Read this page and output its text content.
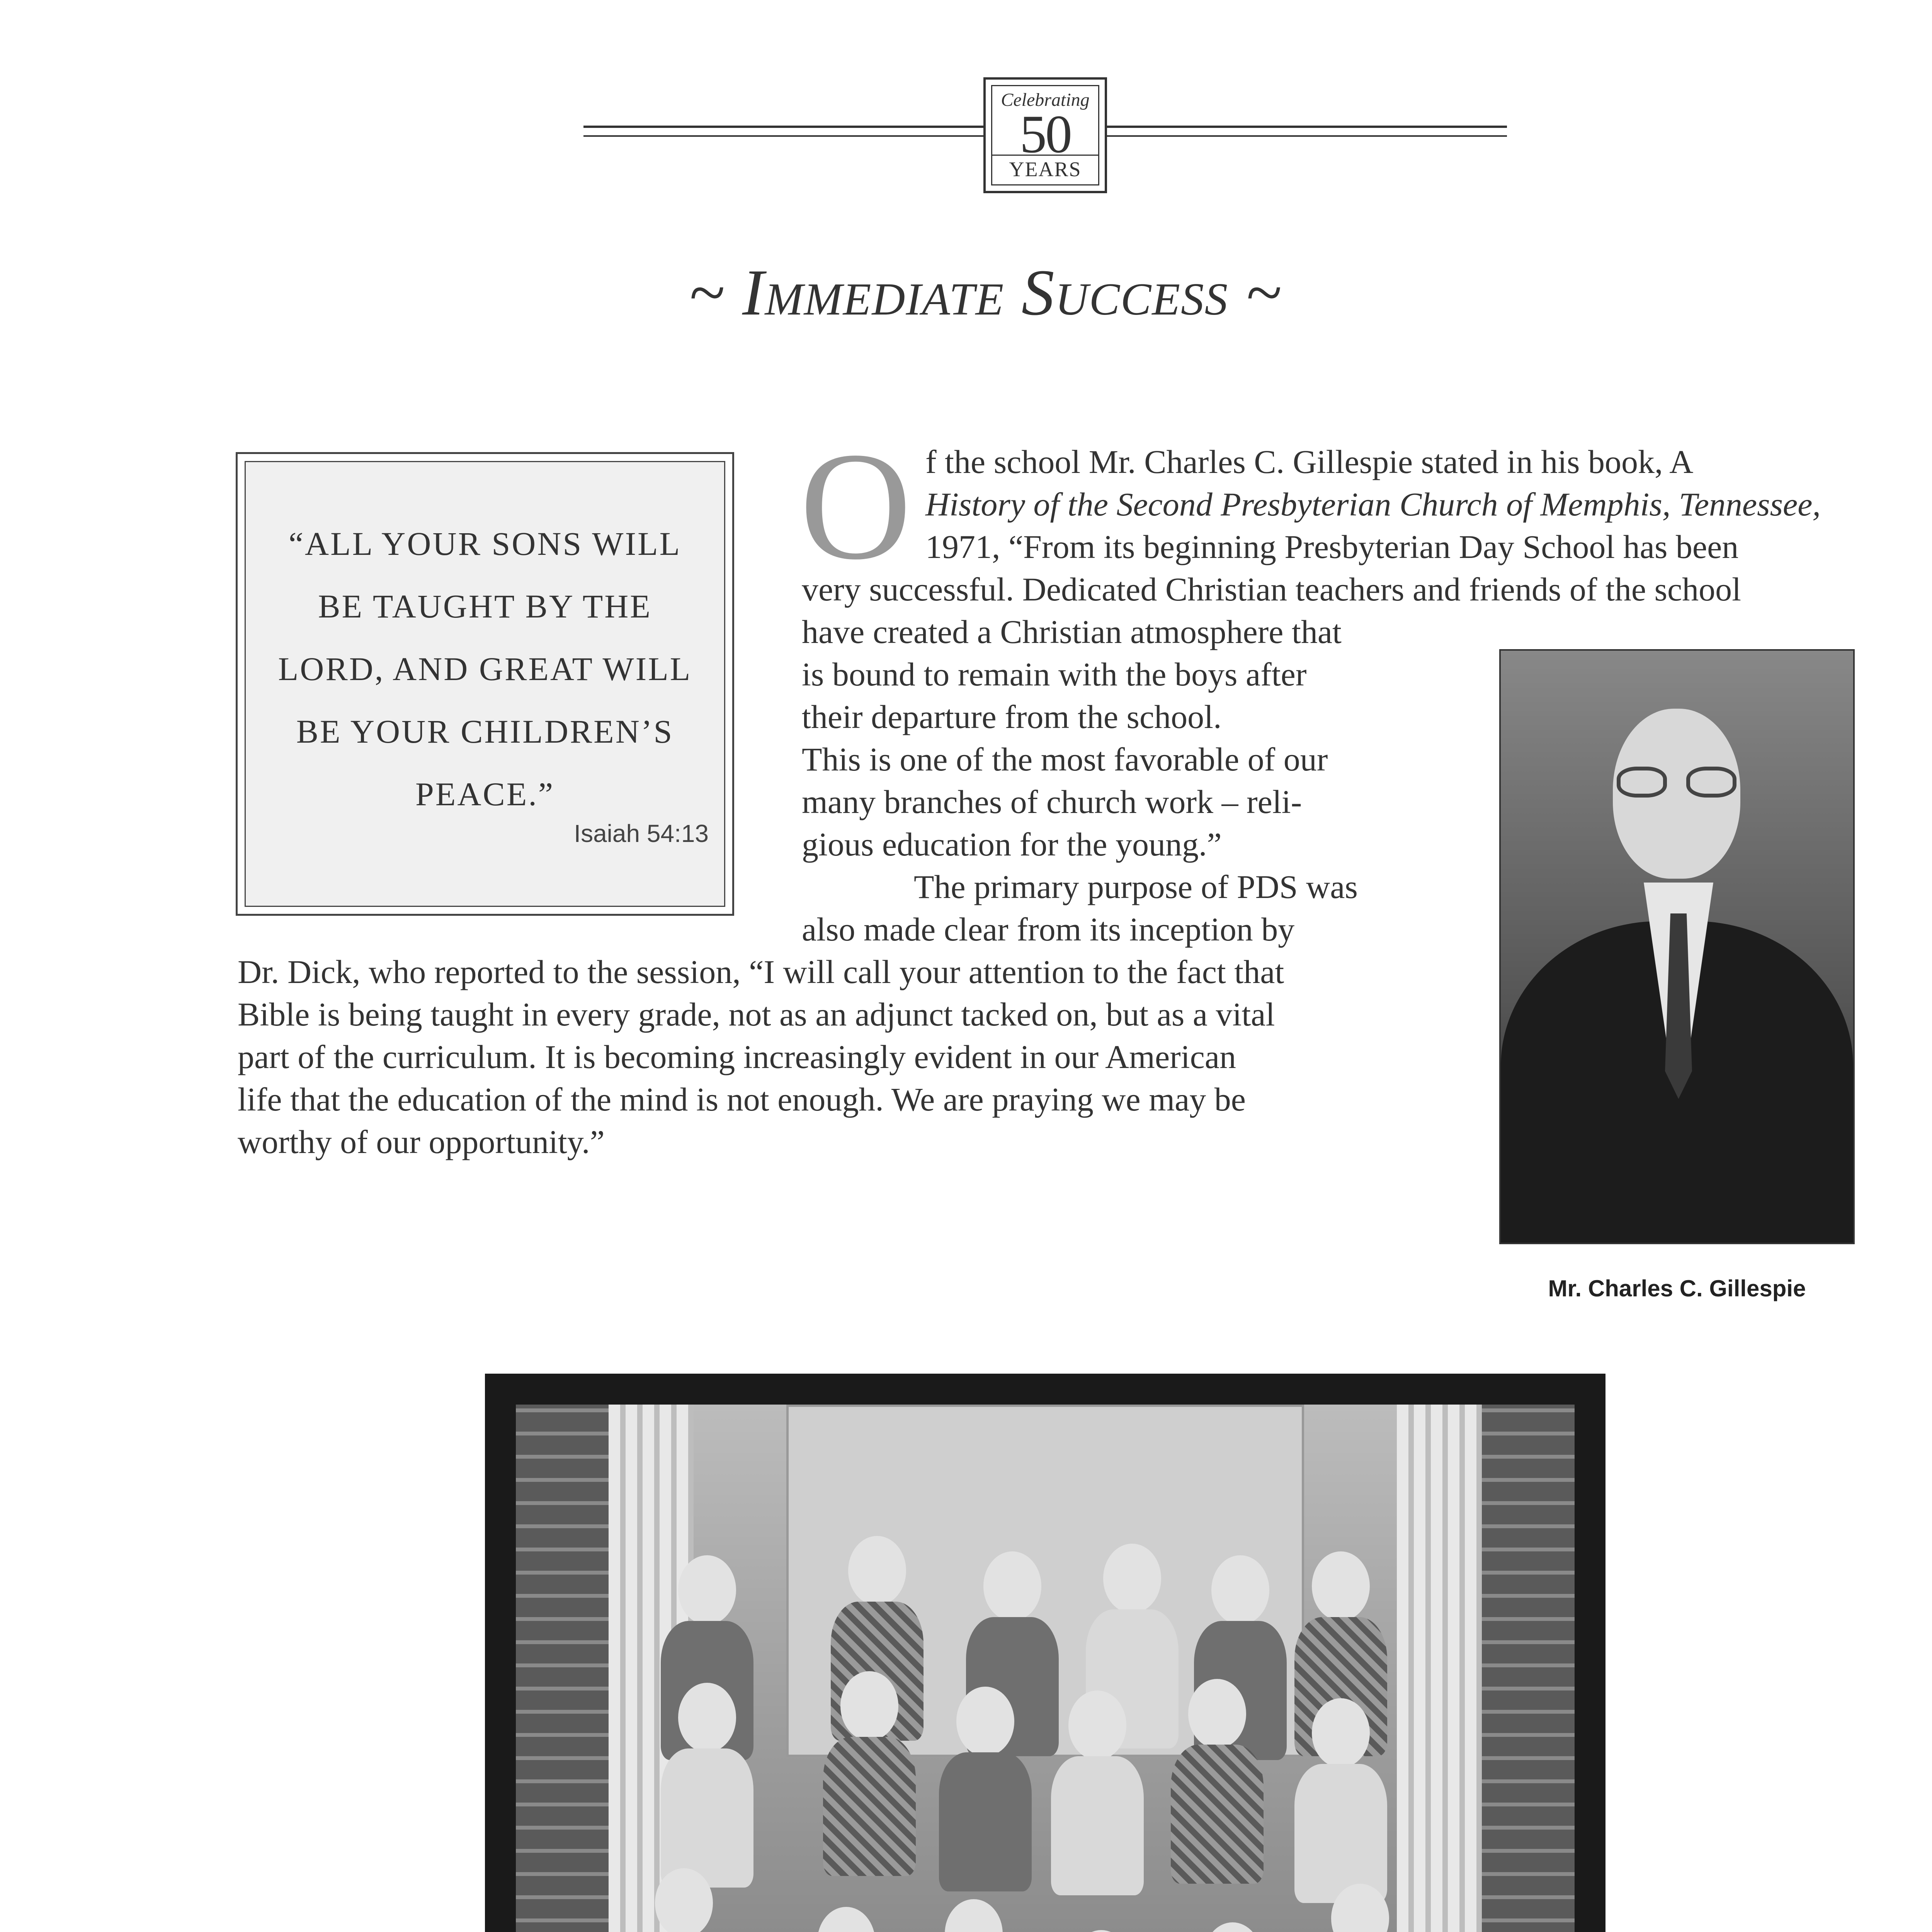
Celebrating
50
YEARS
~ Immediate Success ~
“ALL YOUR SONS WILL
BE TAUGHT BY THE
LORD, AND GREAT WILL
BE YOUR CHILDREN’S
PEACE.”
Isaiah 54:13
O f the school Mr. Charles C. Gillespie stated in his book, A
History of the Second Presbyterian Church of Memphis, Tennessee,
1971, “From its beginning Presbyterian Day School has been
very successful. Dedicated Christian teachers and friends of the school
have created a Christian atmosphere that
is bound to remain with the boys after
their departure from the school.
This is one of the most favorable of our
many branches of church work – reli-
gious education for the young.”
The primary purpose of PDS was
also made clear from its inception by
Dr. Dick, who reported to the session, “I will call your attention to the fact that
Bible is being taught in every grade, not as an adjunct tacked on, but as a vital
part of the curriculum. It is becoming increasingly evident in our American
life that the education of the mind is not enough. We are praying we may be
worthy of our opportunity.”
Mr. Charles C. Gillespie
